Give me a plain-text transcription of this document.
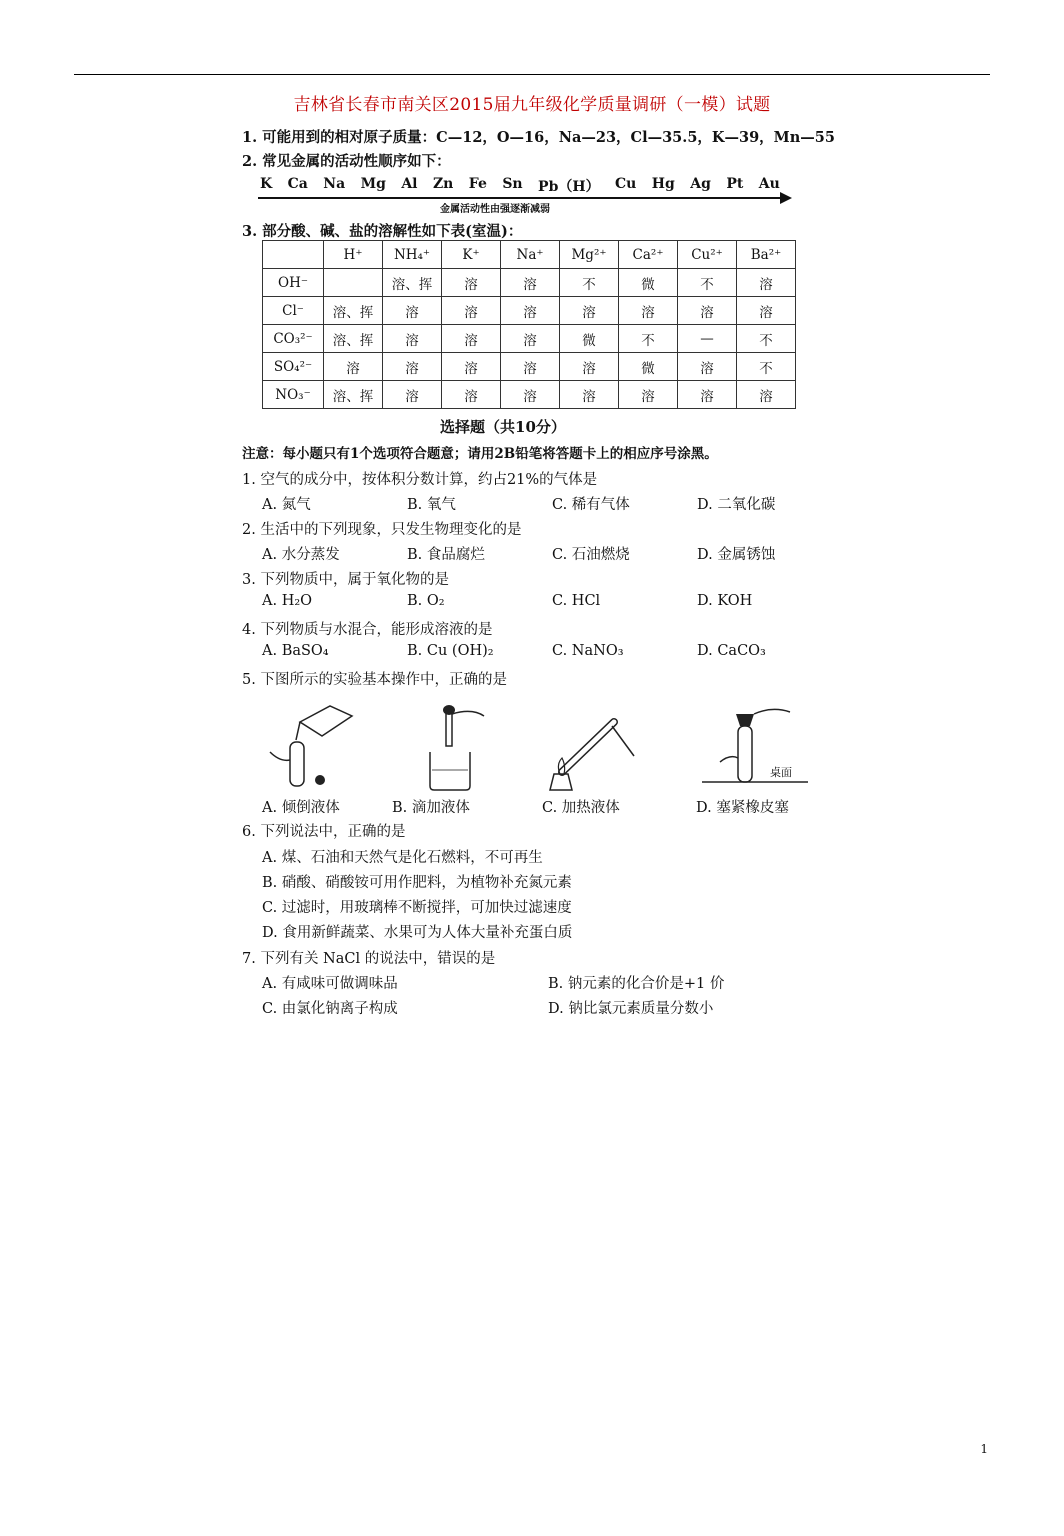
吉林省长春市南关区2015届九年级化学质量调研（一模）试题
1. 可能用到的相对原子质量：C—12，O—16，Na—23，Cl—35.5，K—39，Mn—55
2. 常见金属的活动性顺序如下：
K Ca Na Mg Al Zn Fe Sn Pb（H） Cu Hg Ag Pt Au
金属活动性由强逐渐减弱
3. 部分酸、碱、盐的溶解性如下表(室温)：
	H⁺	NH₄⁺	K⁺	Na⁺	Mg²⁺	Ca²⁺	Cu²⁺	Ba²⁺
OH⁻		溶、挥	溶	溶	不	微	不	溶
Cl⁻	溶、挥	溶	溶	溶	溶	溶	溶	溶
CO₃²⁻	溶、挥	溶	溶	溶	微	不	—	不
SO₄²⁻	溶	溶	溶	溶	溶	微	溶	不
NO₃⁻	溶、挥	溶	溶	溶	溶	溶	溶	溶
选择题（共10分）
注意：每小题只有1个选项符合题意；请用2B铅笔将答题卡上的相应序号涂黑。
1. 空气的成分中，按体积分数计算，约占21%的气体是
A. 氮气	B. 氧气	C. 稀有气体	D. 二氧化碳
2. 生活中的下列现象，只发生物理变化的是
A. 水分蒸发	B. 食品腐烂	C. 石油燃烧	D. 金属锈蚀
3. 下列物质中，属于氧化物的是
A. H₂O	B. O₂	C. HCl	D. KOH
4. 下列物质与水混合，能形成溶液的是
A. BaSO₄	B. Cu (OH)₂	C. NaNO₃	D. CaCO₃
5. 下图所示的实验基本操作中，正确的是
A. 倾倒液体	B. 滴加液体	C. 加热液体
桌面
D. 塞紧橡皮塞
6. 下列说法中，正确的是
A. 煤、石油和天然气是化石燃料，不可再生
B. 硝酸、硝酸铵可用作肥料，为植物补充氮元素
C. 过滤时，用玻璃棒不断搅拌，可加快过滤速度
D. 食用新鲜蔬菜、水果可为人体大量补充蛋白质
7. 下列有关 NaCl 的说法中，错误的是
A. 有咸味可做调味品	B. 钠元素的化合价是+1 价
C. 由氯化钠离子构成	D. 钠比氯元素质量分数小
1
